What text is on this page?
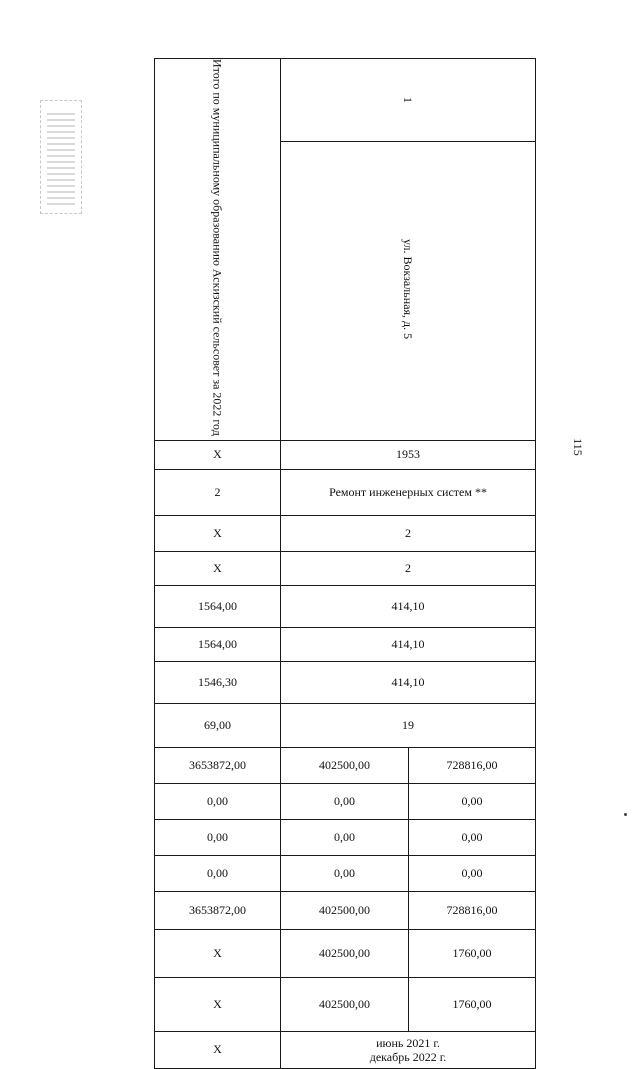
115
Итого по муниципальному образованию Аскизский сельсовет за 2022 год	1	
	ул. Вокзальная, д. 5	
X	1953	
2	Ремонт инженерных систем **	
X	2	
X	2	
1564,00	414,10	
1564,00	414,10	
1546,30	414,10	
69,00	19	
3653872,00	402500,00	728816,00
0,00	0,00	0,00
0,00	0,00	0,00
0,00	0,00	0,00
3653872,00	402500,00	728816,00
X	402500,00	1760,00
X	402500,00	1760,00
X	июнь 2021 г.
декабрь 2022 г.	
